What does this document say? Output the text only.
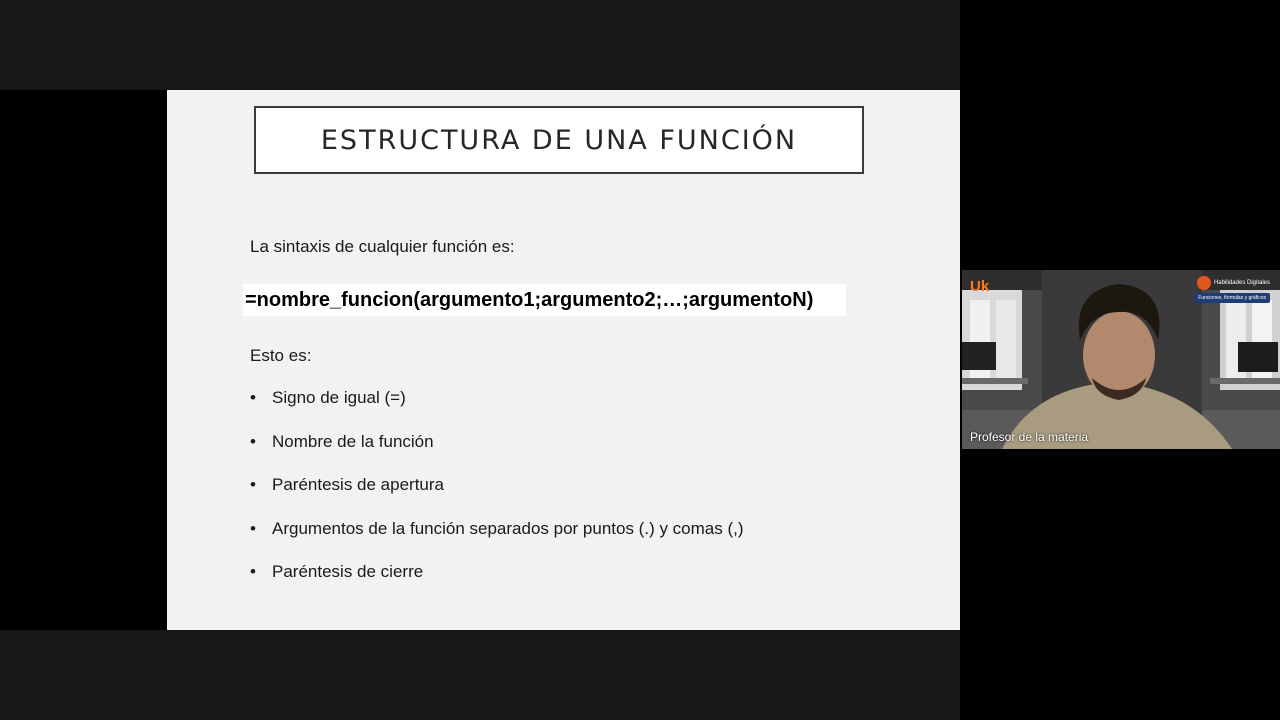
ESTRUCTURA DE UNA FUNCIÓN
La sintaxis de cualquier función es:
=nombre_funcion(argumento1;argumento2;…;argumentoN)
Esto es:
• Signo de igual (=)
• Nombre de la función
• Paréntesis de apertura
• Argumentos de la función separados por puntos (.) y comas (,)
• Paréntesis de cierre
Uk	Habilidades Digitales
Funciones, fórmulas y gráficos
Profesor de la materia
